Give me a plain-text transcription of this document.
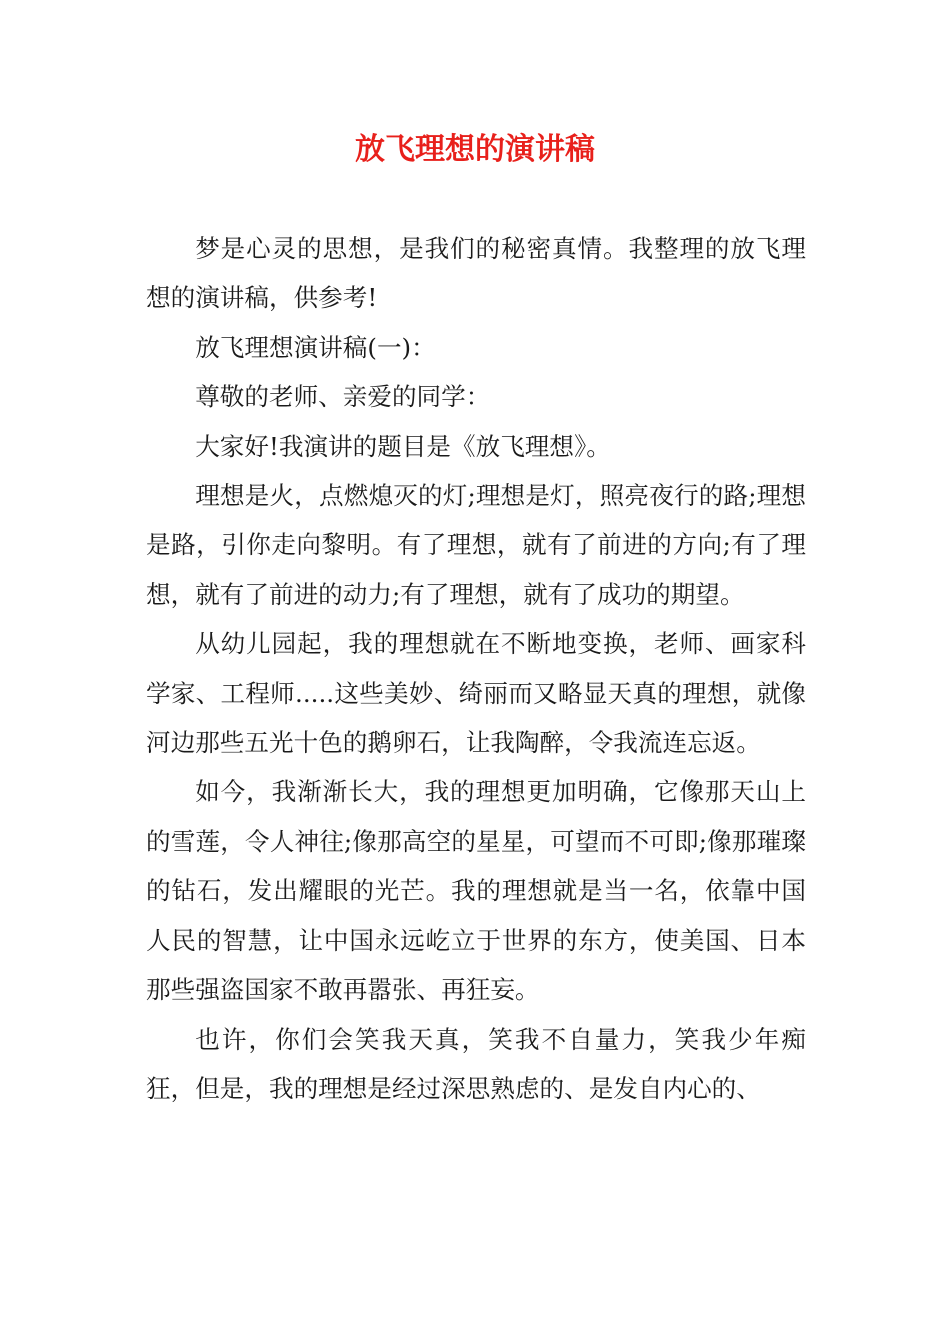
放飞理想的演讲稿

梦是心灵的思想，是我们的秘密真情。我整理的放飞理想的演讲稿，供参考!

放飞理想演讲稿(一)：

尊敬的老师、亲爱的同学：

大家好!我演讲的题目是《放飞理想》。

理想是火，点燃熄灭的灯;理想是灯，照亮夜行的路;理想是路，引你走向黎明。有了理想，就有了前进的方向;有了理想，就有了前进的动力;有了理想，就有了成功的期望。

从幼儿园起，我的理想就在不断地变换，老师、画家科学家、工程师.....这些美妙、绮丽而又略显天真的理想，就像河边那些五光十色的鹅卵石，让我陶醉，令我流连忘返。

如今，我渐渐长大，我的理想更加明确，它像那天山上的雪莲，令人神往;像那高空的星星，可望而不可即;像那璀璨的钻石，发出耀眼的光芒。我的理想就是当一名，依靠中国人民的智慧，让中国永远屹立于世界的东方，使美国、日本那些强盗国家不敢再嚣张、再狂妄。

也许，你们会笑我天真，笑我不自量力，笑我少年痴狂，但是，我的理想是经过深思熟虑的、是发自内心的、
